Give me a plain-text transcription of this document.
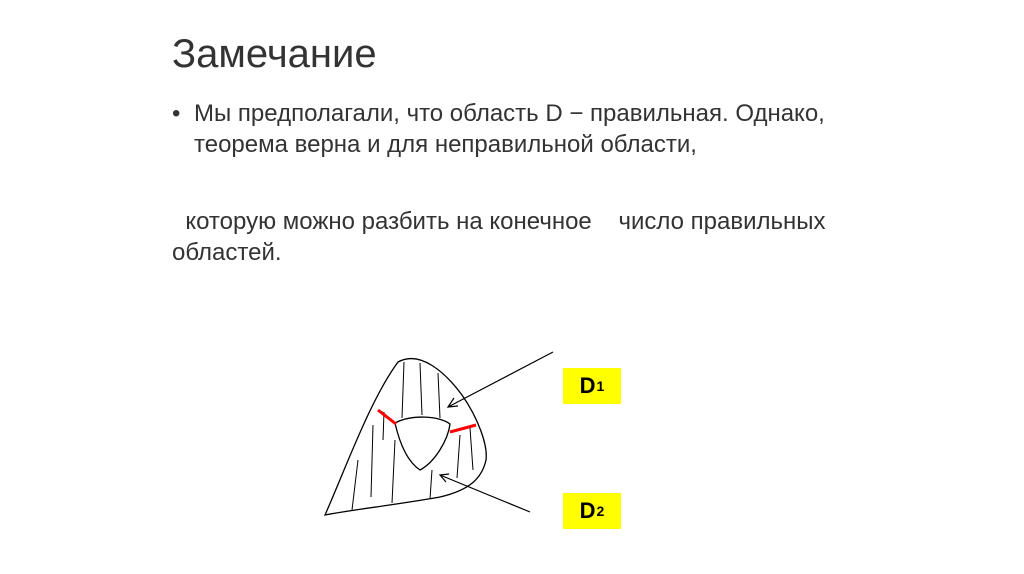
Замечание
• Мы предполагали, что область D − правильная. Однако, теорема верна и для неправильной области,
которую можно разбить на конечное    число правильных областей.
D 1
D 2
